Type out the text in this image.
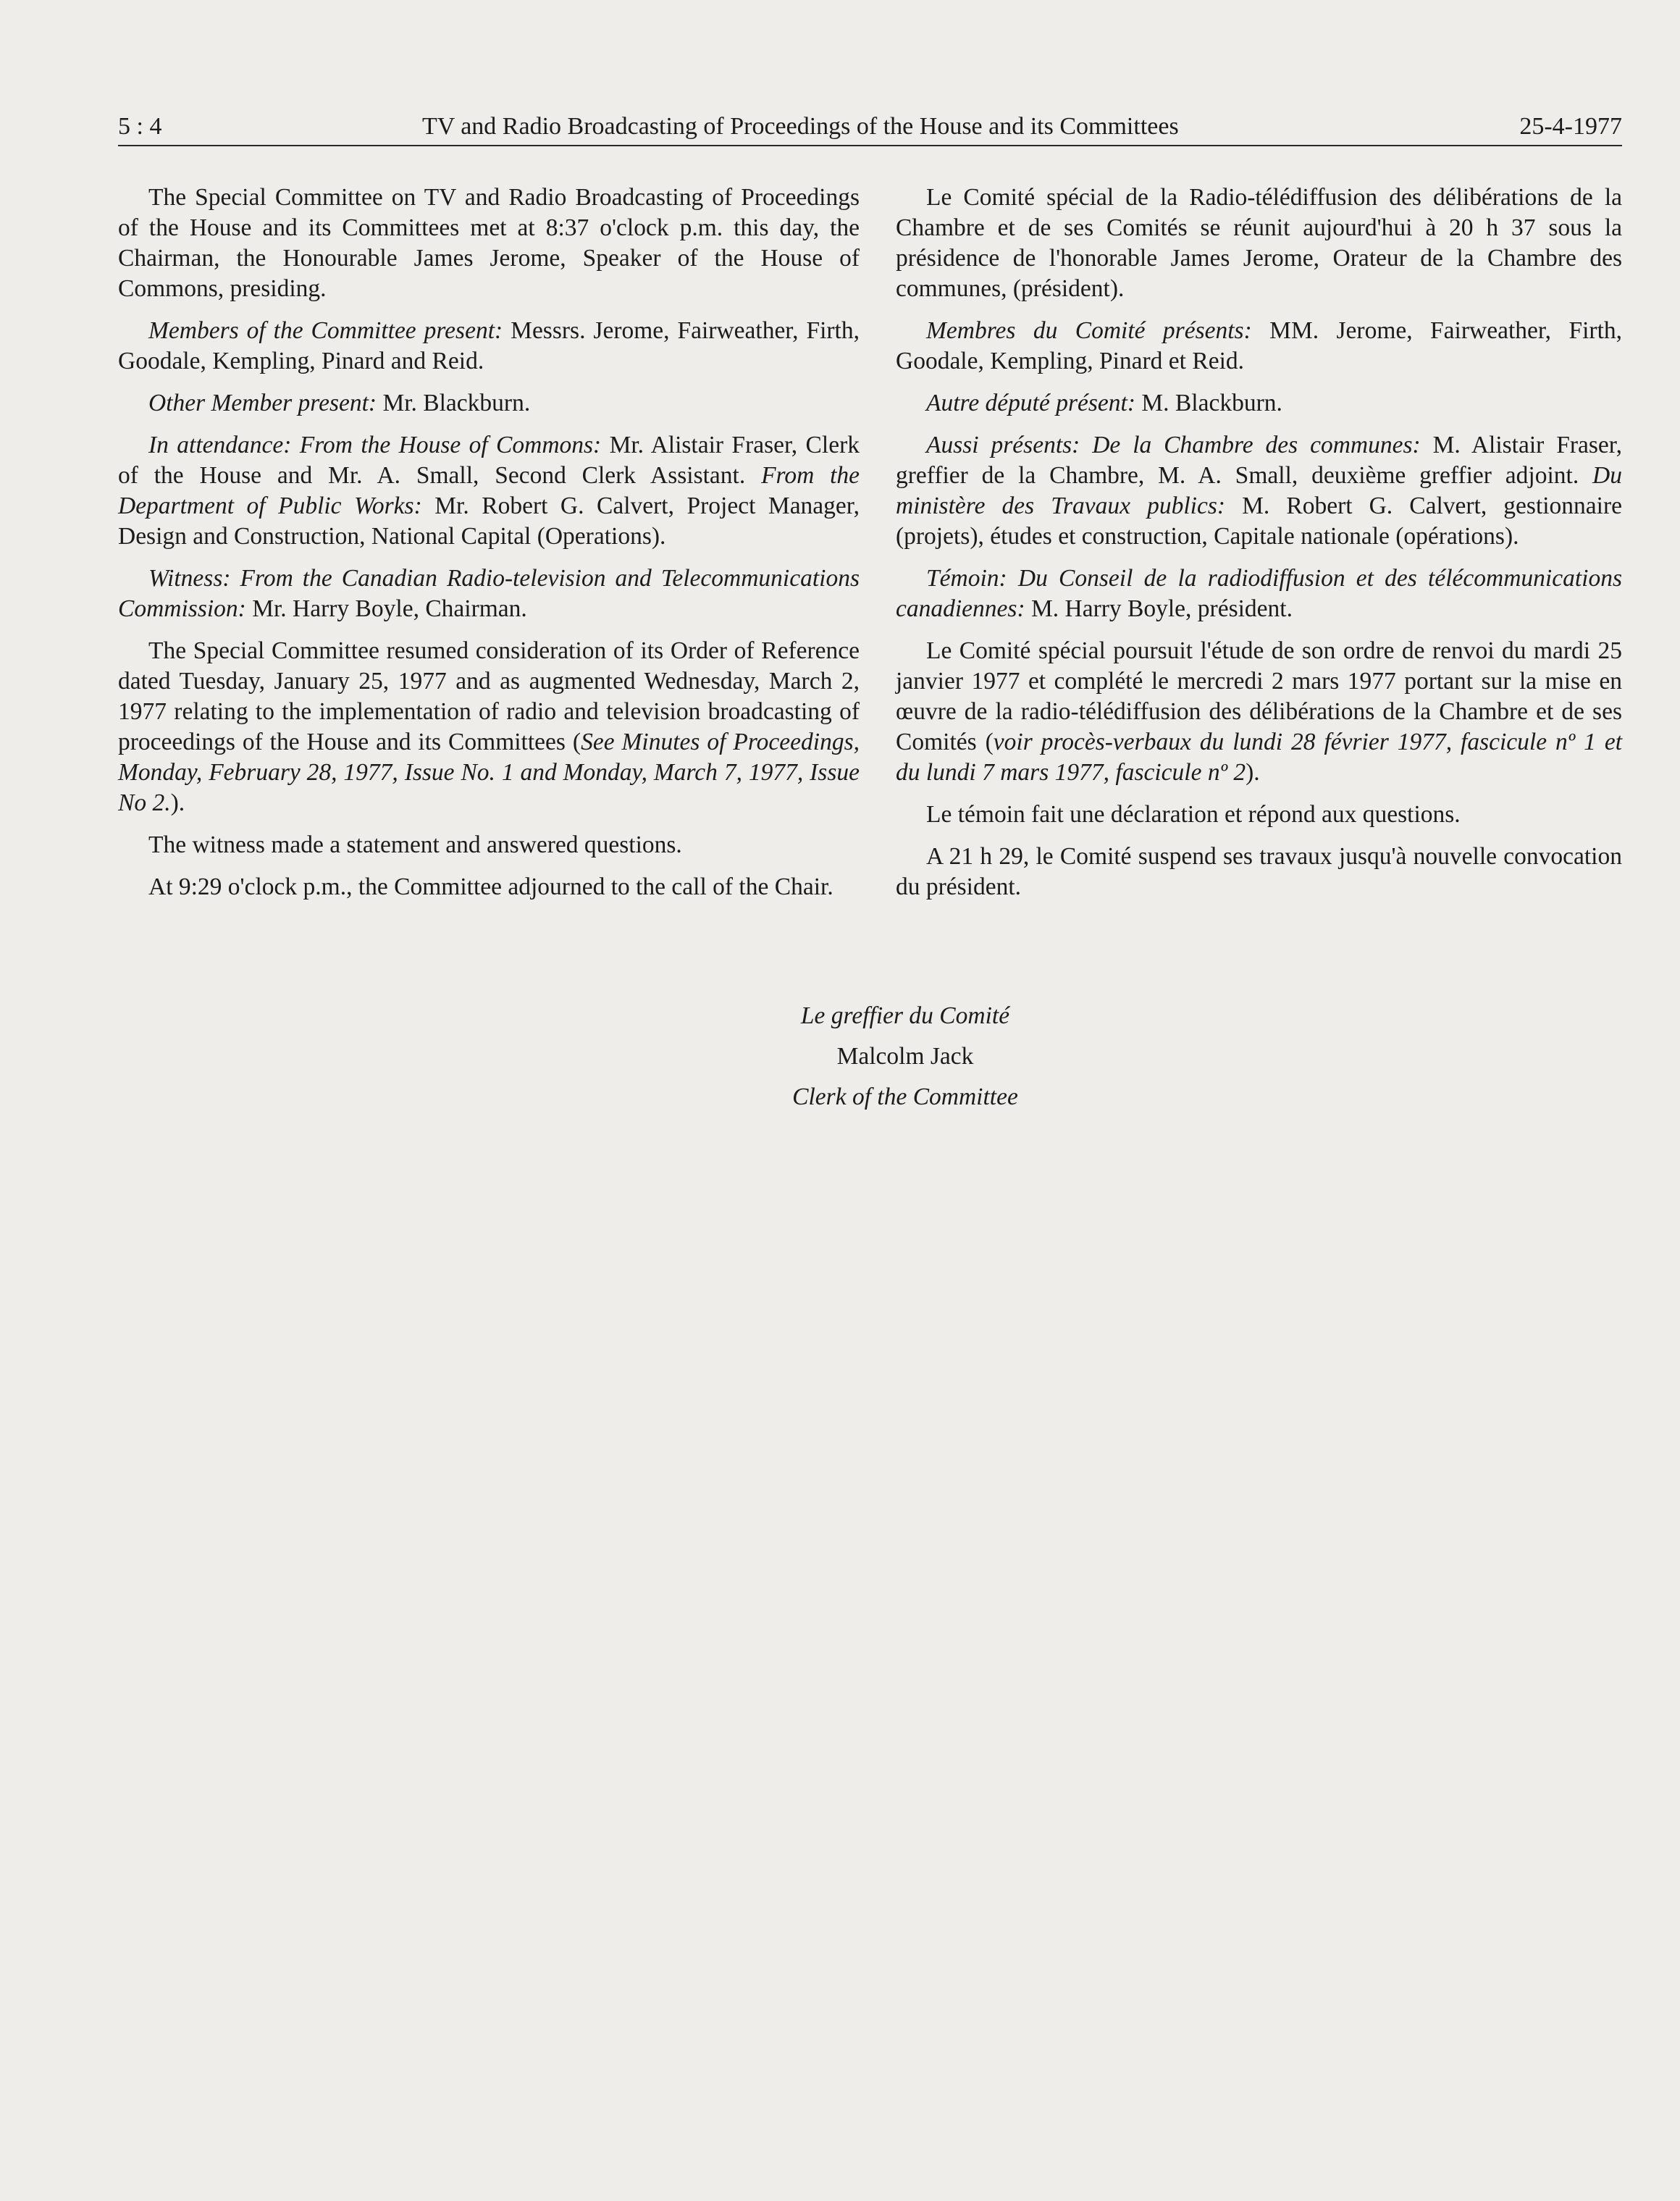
5 : 4	TV and Radio Broadcasting of Proceedings of the House and its Committees	25-4-1977

The Special Committee on TV and Radio Broadcasting of Proceedings of the House and its Committees met at 8:37 o'clock p.m. this day, the Chairman, the Honourable James Jerome, Speaker of the House of Commons, presiding.

Members of the Committee present: Messrs. Jerome, Fairweather, Firth, Goodale, Kempling, Pinard and Reid.

Other Member present: Mr. Blackburn.

In attendance: From the House of Commons: Mr. Alistair Fraser, Clerk of the House and Mr. A. Small, Second Clerk Assistant. From the Department of Public Works: Mr. Robert G. Calvert, Project Manager, Design and Construction, National Capital (Operations).

Witness: From the Canadian Radio-television and Telecommunications Commission: Mr. Harry Boyle, Chairman.

The Special Committee resumed consideration of its Order of Reference dated Tuesday, January 25, 1977 and as augmented Wednesday, March 2, 1977 relating to the implementation of radio and television broadcasting of proceedings of the House and its Committees (See Minutes of Proceedings, Monday, February 28, 1977, Issue No. 1 and Monday, March 7, 1977, Issue No 2.).

The witness made a statement and answered questions.

At 9:29 o'clock p.m., the Committee adjourned to the call of the Chair.

Le Comité spécial de la Radio-télédiffusion des délibérations de la Chambre et de ses Comités se réunit aujourd'hui à 20 h 37 sous la présidence de l'honorable James Jerome, Orateur de la Chambre des communes, (président).

Membres du Comité présents: MM. Jerome, Fairweather, Firth, Goodale, Kempling, Pinard et Reid.

Autre député présent: M. Blackburn.

Aussi présents: De la Chambre des communes: M. Alistair Fraser, greffier de la Chambre, M. A. Small, deuxième greffier adjoint. Du ministère des Travaux publics: M. Robert G. Calvert, gestionnaire (projets), études et construction, Capitale nationale (opérations).

Témoin: Du Conseil de la radiodiffusion et des télécommunications canadiennes: M. Harry Boyle, président.

Le Comité spécial poursuit l'étude de son ordre de renvoi du mardi 25 janvier 1977 et complété le mercredi 2 mars 1977 portant sur la mise en œuvre de la radio-télédiffusion des délibérations de la Chambre et de ses Comités (voir procès-verbaux du lundi 28 février 1977, fascicule nº 1 et du lundi 7 mars 1977, fascicule nº 2).

Le témoin fait une déclaration et répond aux questions.

A 21 h 29, le Comité suspend ses travaux jusqu'à nouvelle convocation du président.

Le greffier du Comité
Malcolm Jack
Clerk of the Committee
